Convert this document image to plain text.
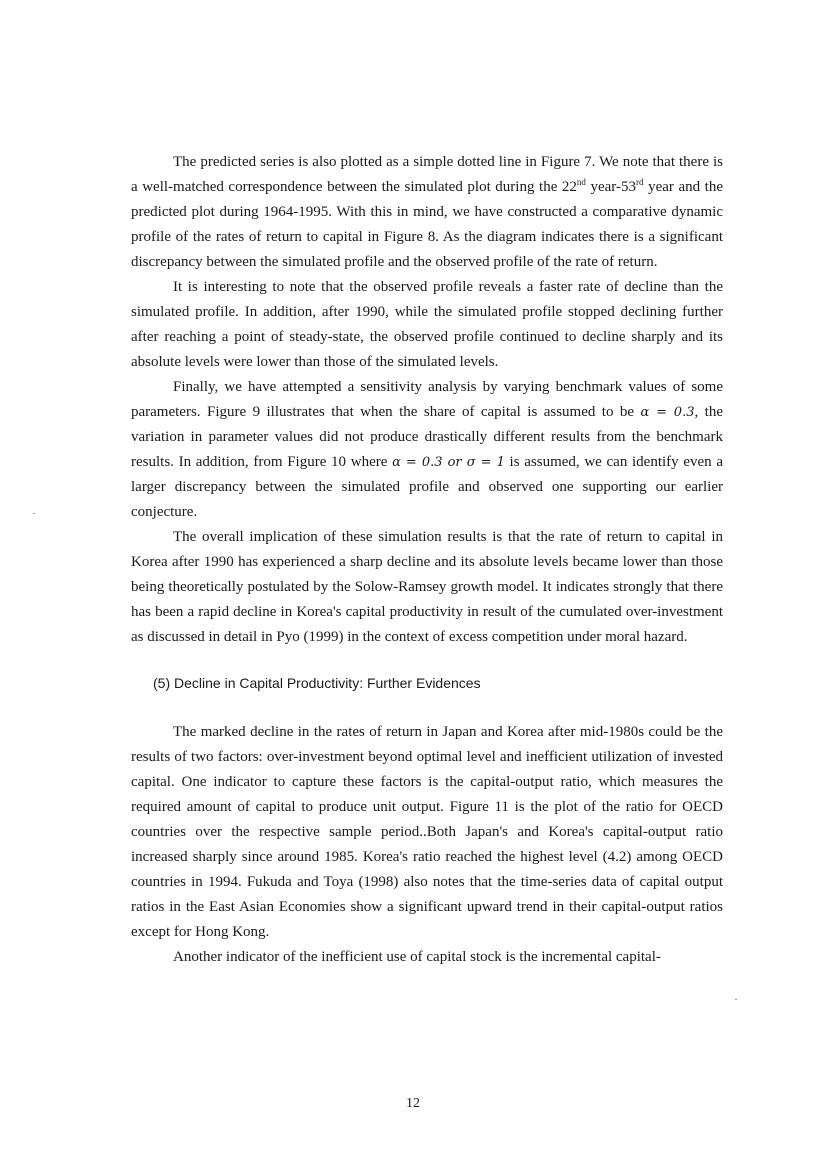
The predicted series is also plotted as a simple dotted line in Figure 7. We note that there is a well-matched correspondence between the simulated plot during the 22nd year-53rd year and the predicted plot during 1964-1995. With this in mind, we have constructed a comparative dynamic profile of the rates of return to capital in Figure 8. As the diagram indicates there is a significant discrepancy between the simulated profile and the observed profile of the rate of return.

It is interesting to note that the observed profile reveals a faster rate of decline than the simulated profile. In addition, after 1990, while the simulated profile stopped declining further after reaching a point of steady-state, the observed profile continued to decline sharply and its absolute levels were lower than those of the simulated levels.

Finally, we have attempted a sensitivity analysis by varying benchmark values of some parameters. Figure 9 illustrates that when the share of capital is assumed to be α = 0.3, the variation in parameter values did not produce drastically different results from the benchmark results. In addition, from Figure 10 where α = 0.3 or σ = 1 is assumed, we can identify even a larger discrepancy between the simulated profile and observed one supporting our earlier conjecture.

The overall implication of these simulation results is that the rate of return to capital in Korea after 1990 has experienced a sharp decline and its absolute levels became lower than those being theoretically postulated by the Solow-Ramsey growth model. It indicates strongly that there has been a rapid decline in Korea's capital productivity in result of the cumulated over-investment as discussed in detail in Pyo (1999) in the context of excess competition under moral hazard.

(5) Decline in Capital Productivity: Further Evidences

The marked decline in the rates of return in Japan and Korea after mid-1980s could be the results of two factors: over-investment beyond optimal level and inefficient utilization of invested capital. One indicator to capture these factors is the capital-output ratio, which measures the required amount of capital to produce unit output. Figure 11 is the plot of the ratio for OECD countries over the respective sample period..Both Japan's and Korea's capital-output ratio increased sharply since around 1985. Korea's ratio reached the highest level (4.2) among OECD countries in 1994. Fukuda and Toya (1998) also notes that the time-series data of capital output ratios in the East Asian Economies show a significant upward trend in their capital-output ratios except for Hong Kong.

Another indicator of the inefficient use of capital stock is the incremental capital-

12
